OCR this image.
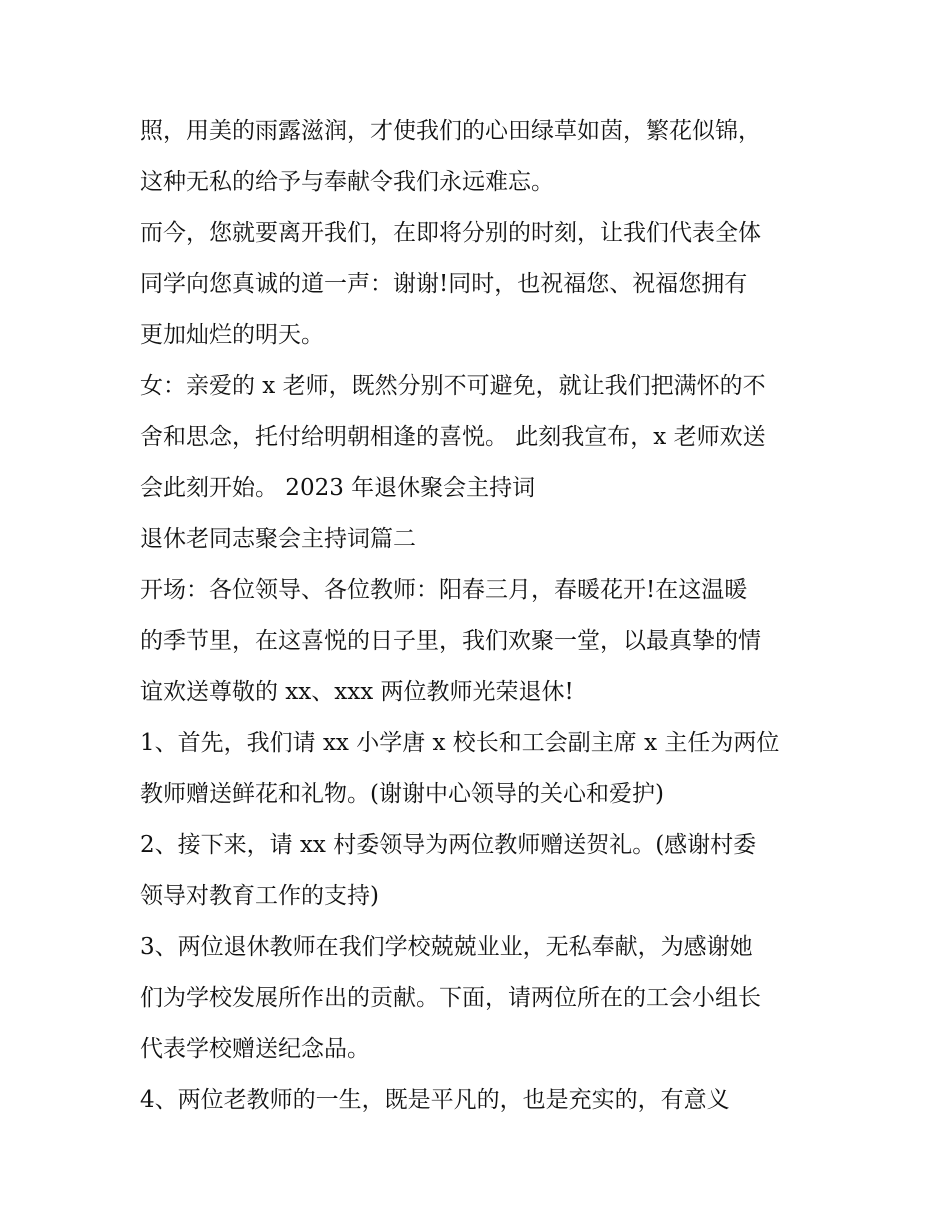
照，用美的雨露滋润，才使我们的心田绿草如茵，繁花似锦，
这种无私的给予与奉献令我们永远难忘。
而今，您就要离开我们，在即将分别的时刻，让我们代表全体
同学向您真诚的道一声：谢谢!同时，也祝福您、祝福您拥有
更加灿烂的明天。
女：亲爱的 x 老师，既然分别不可避免，就让我们把满怀的不
舍和思念，托付给明朝相逢的喜悦。 此刻我宣布，x 老师欢送
会此刻开始。 2023 年退休聚会主持词
退休老同志聚会主持词篇二
开场：各位领导、各位教师：阳春三月，春暖花开!在这温暖
的季节里，在这喜悦的日子里，我们欢聚一堂，以最真挚的情
谊欢送尊敬的 xx、xxx 两位教师光荣退休!
1、首先，我们请 xx 小学唐 x 校长和工会副主席 x 主任为两位
教师赠送鲜花和礼物。(谢谢中心领导的关心和爱护)
2、接下来，请 xx 村委领导为两位教师赠送贺礼。(感谢村委
领导对教育工作的支持)
3、两位退休教师在我们学校兢兢业业，无私奉献，为感谢她
们为学校发展所作出的贡献。下面，请两位所在的工会小组长
代表学校赠送纪念品。
4、两位老教师的一生，既是平凡的，也是充实的，有意义
